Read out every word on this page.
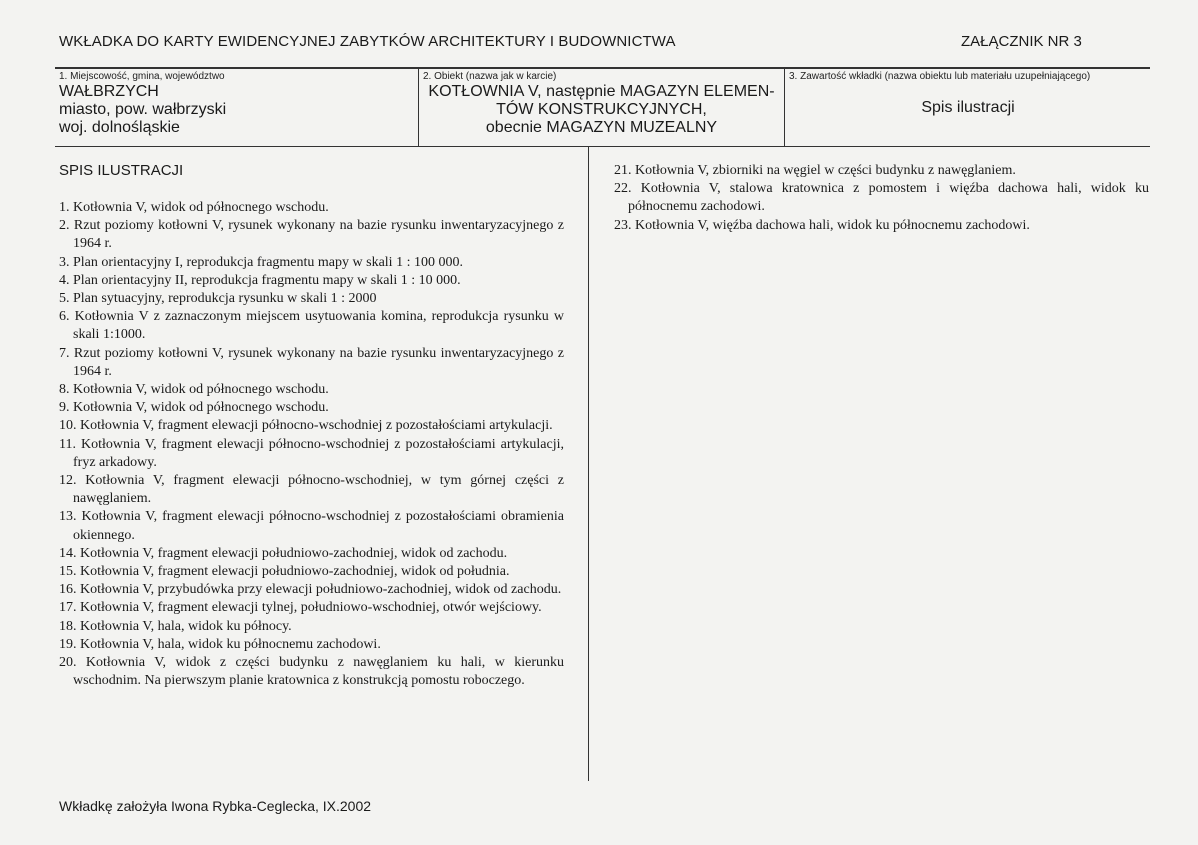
WKŁADKA DO KARTY EWIDENCYJNEJ ZABYTKÓW ARCHITEKTURY I BUDOWNICTWA	ZAŁĄCZNIK NR 3
1. Miejscowość, gmina, województwo
WAŁBRZYCH
miasto, pow. wałbrzyski
woj. dolnośląskie
2. Obiekt (nazwa jak w karcie)
KOTŁOWNIA V, następnie MAGAZYN ELEMEN-
TÓW KONSTRUKCYJNYCH,
obecnie MAGAZYN MUZEALNY
3. Zawartość wkładki (nazwa obiektu lub materiału uzupełniającego)
Spis ilustracji
SPIS ILUSTRACJI
1. Kotłownia V, widok od północnego wschodu.
2. Rzut poziomy kotłowni V, rysunek wykonany na bazie rysunku inwentaryzacyjnego z 1964 r.
3. Plan orientacyjny I, reprodukcja fragmentu mapy w skali 1 : 100 000.
4. Plan orientacyjny II, reprodukcja fragmentu mapy w skali 1 : 10 000.
5. Plan sytuacyjny, reprodukcja rysunku w skali 1 : 2000
6. Kotłownia V z zaznaczonym miejscem usytuowania komina, reprodukcja rysunku w skali 1:1000.
7. Rzut poziomy kotłowni V, rysunek wykonany na bazie rysunku inwentaryzacyjnego z 1964 r.
8. Kotłownia V, widok od północnego wschodu.
9. Kotłownia V, widok od północnego wschodu.
10. Kotłownia V, fragment elewacji północno-wschodniej z pozostałościami artykulacji.
11. Kotłownia V, fragment elewacji północno-wschodniej z pozostałościami artykulacji, fryz arkadowy.
12. Kotłownia V, fragment elewacji północno-wschodniej, w tym górnej części z nawęglaniem.
13. Kotłownia V, fragment elewacji północno-wschodniej z pozostałościami obramienia okiennego.
14. Kotłownia V, fragment elewacji południowo-zachodniej, widok od zachodu.
15. Kotłownia V, fragment elewacji południowo-zachodniej, widok od południa.
16. Kotłownia V, przybudówka przy elewacji południowo-zachodniej, widok od zachodu.
17. Kotłownia V, fragment elewacji tylnej, południowo-wschodniej, otwór wejściowy.
18. Kotłownia V, hala, widok ku północy.
19. Kotłownia V, hala, widok ku północnemu zachodowi.
20. Kotłownia V, widok z części budynku z nawęglaniem ku hali, w kierunku wschodnim. Na pierwszym planie kratownica z konstrukcją pomostu roboczego.
21. Kotłownia V, zbiorniki na węgiel w części budynku z nawęglaniem.
22. Kotłownia V, stalowa kratownica z pomostem i więźba dachowa hali, widok ku północnemu zachodowi.
23. Kotłownia V, więźba dachowa hali, widok ku północnemu zachodowi.
Wkładkę założyła Iwona Rybka-Ceglecka, IX.2002
